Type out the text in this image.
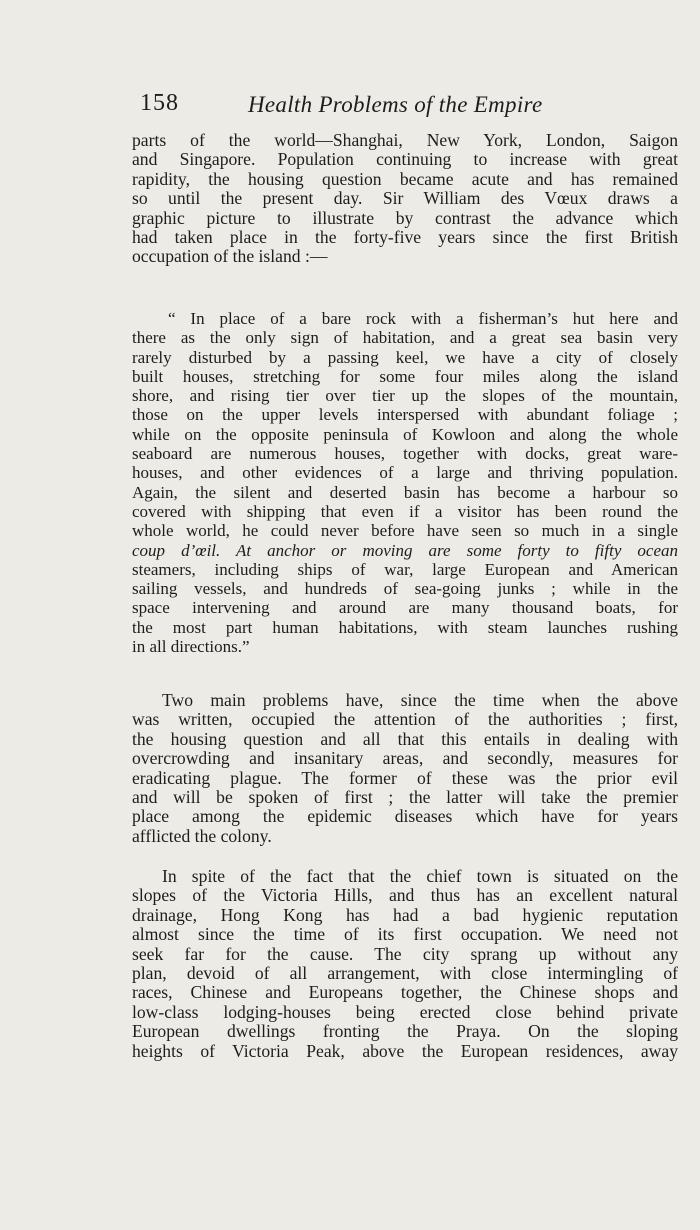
158	Health Problems of the Empire
parts of the world—Shanghai, New York, London, Saigon
and Singapore. Population continuing to increase with great
rapidity, the housing question became acute and has remained
so until the present day. Sir William des Vœux draws a
graphic picture to illustrate by contrast the advance which
had taken place in the forty-five years since the first British
occupation of the island :—
“ In place of a bare rock with a fisherman’s hut here and
there as the only sign of habitation, and a great sea basin very
rarely disturbed by a passing keel, we have a city of closely
built houses, stretching for some four miles along the island
shore, and rising tier over tier up the slopes of the mountain,
those on the upper levels interspersed with abundant foliage ;
while on the opposite peninsula of Kowloon and along the whole
seaboard are numerous houses, together with docks, great ware-
houses, and other evidences of a large and thriving population.
Again, the silent and deserted basin has become a harbour so
covered with shipping that even if a visitor has been round the
whole world, he could never before have seen so much in a single
coup d’œil. At anchor or moving are some forty to fifty ocean
steamers, including ships of war, large European and American
sailing vessels, and hundreds of sea-going junks ; while in the
space intervening and around are many thousand boats, for
the most part human habitations, with steam launches rushing
in all directions.”
Two main problems have, since the time when the above
was written, occupied the attention of the authorities ; first,
the housing question and all that this entails in dealing with
overcrowding and insanitary areas, and secondly, measures for
eradicating plague. The former of these was the prior evil
and will be spoken of first ; the latter will take the premier
place among the epidemic diseases which have for years
afflicted the colony.
In spite of the fact that the chief town is situated on the
slopes of the Victoria Hills, and thus has an excellent natural
drainage, Hong Kong has had a bad hygienic reputation
almost since the time of its first occupation. We need not
seek far for the cause. The city sprang up without any
plan, devoid of all arrangement, with close intermingling of
races, Chinese and Europeans together, the Chinese shops and
low-class lodging-houses being erected close behind private
European dwellings fronting the Praya. On the sloping
heights of Victoria Peak, above the European residences, away
